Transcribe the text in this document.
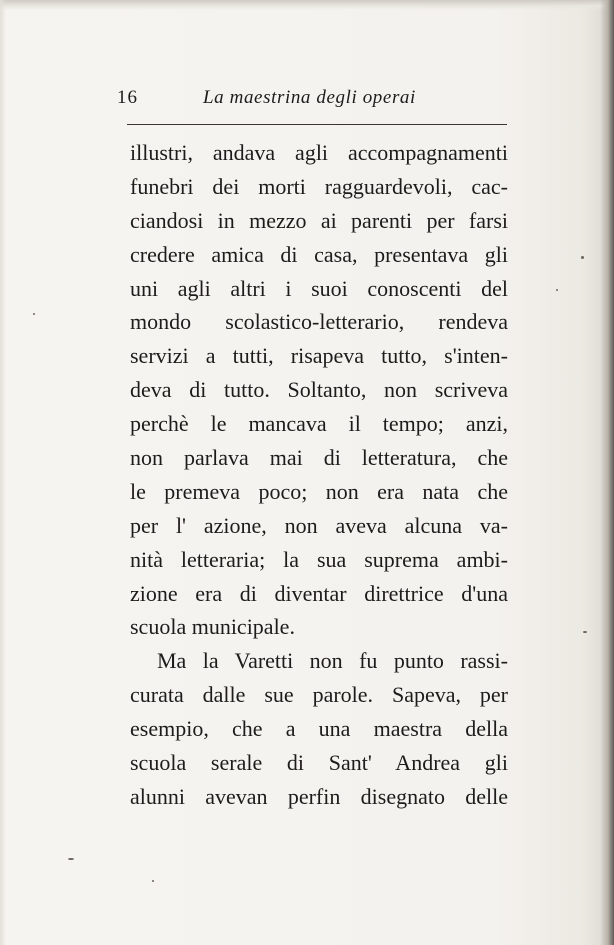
16	La maestrina degli operai
illustri, andava agli accompagnamenti
funebri dei morti ragguardevoli, cac-
ciandosi in mezzo ai parenti per farsi
credere amica di casa, presentava gli
uni agli altri i suoi conoscenti del
mondo scolastico-letterario, rendeva
servizi a tutti, risapeva tutto, s'inten-
deva di tutto. Soltanto, non scriveva
perchè le mancava il tempo; anzi,
non parlava mai di letteratura, che
le premeva poco; non era nata che
per l' azione, non aveva alcuna va-
nità letteraria; la sua suprema ambi-
zione era di diventar direttrice d'una
scuola municipale.
Ma la Varetti non fu punto rassi-
curata dalle sue parole. Sapeva, per
esempio, che a una maestra della
scuola serale di Sant' Andrea gli
alunni avevan perfin disegnato delle
